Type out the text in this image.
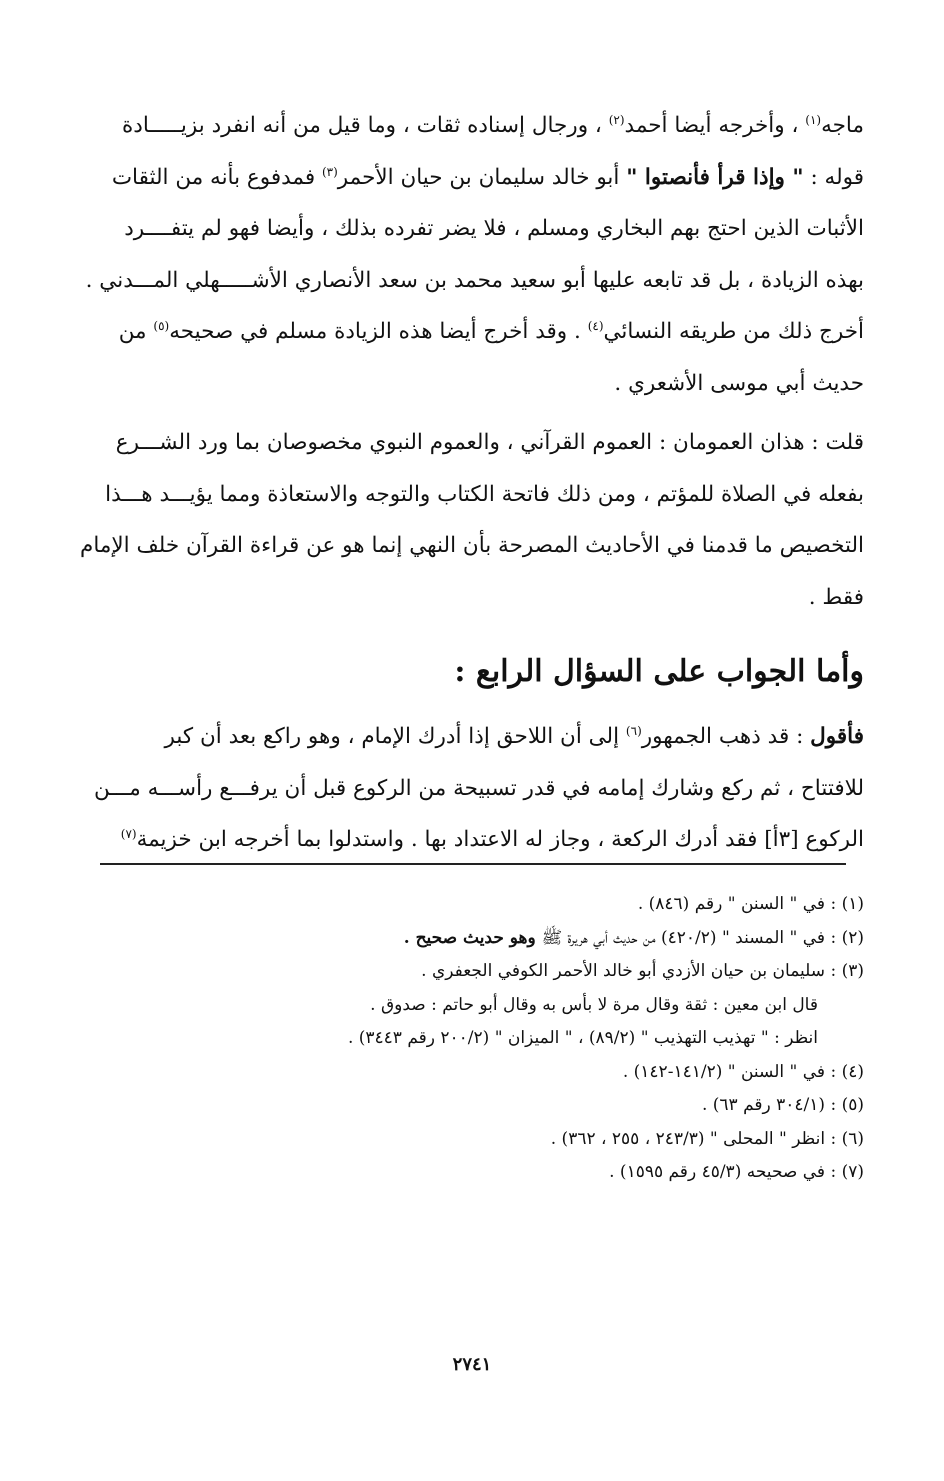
ماجه$^{(١)}$ ، وأخرجه أيضا أحمد$^{(٢)}$ ، ورجال إسناده ثقات ، وما قيل من أنه انفرد بزيـــــادة
قوله : " وإذا قرأ فأنصتوا " أبو خالد سليمان بن حيان الأحمر$^{(٣)}$ فمدفوع بأنه من الثقات
الأثبات الذين احتج بهم البخاري ومسلم ، فلا يضر تفرده بذلك ، وأيضا فهو لم يتفــــرد
بهذه الزيادة ، بل قد تابعه عليها أبو سعيد محمد بن سعد الأنصاري الأشـــــهلي المـــدني .
أخرج ذلك من طريقه النسائي$^{(٤)}$ . وقد أخرج أيضا هذه الزيادة مسلم في صحيحه$^{(٥)}$ من
حديث أبي موسى الأشعري .

قلت : هذان العمومان : العموم القرآني ، والعموم النبوي مخصوصان بما ورد الشـــرع
بفعله في الصلاة للمؤتم ، ومن ذلك فاتحة الكتاب والتوجه والاستعاذة ومما يؤيـــد هـــذا
التخصيص ما قدمنا في الأحاديث المصرحة بأن النهي إنما هو عن قراءة القرآن خلف الإمام
فقط .

وأما الجواب على السؤال الرابع :

فأقول : قد ذهب الجمهور$^{(٦)}$ إلى أن اللاحق إذا أدرك الإمام ، وهو راكع بعد أن كبر
للافتتاح ، ثم ركع وشارك إمامه في قدر تسبيحة من الركوع قبل أن يرفـــع رأســـه مـــن
الركوع [٣أ] فقد أدرك الركعة ، وجاز له الاعتداد بها . واستدلوا بما أخرجه ابن خزيمة$^{(٧)}$

(١) : في " السنن " رقم (٨٤٦) .

(٢) : في " المسند " (٤٢٠/٢) من حديث أبي هريرة ﷺ وهو حديث صحيح .

(٣) : سليمان بن حيان الأزدي أبو خالد الأحمر الكوفي الجعفري .

قال ابن معين : ثقة وقال مرة لا بأس به وقال أبو حاتم : صدوق .

انظر : " تهذيب التهذيب " (٨٩/٢) ، " الميزان " (٢٠٠/٢ رقم ٣٤٤٣) .

(٤) : في " السنن " (١٤١/٢-١٤٢) .

(٥) : (٣٠٤/١ رقم ٦٣) .

(٦) : انظر " المحلى " (٢٤٣/٣ ، ٢٥٥ ، ٣٦٢) .

(٧) : في صحيحه (٤٥/٣ رقم ١٥٩٥) .

٢٧٤١
